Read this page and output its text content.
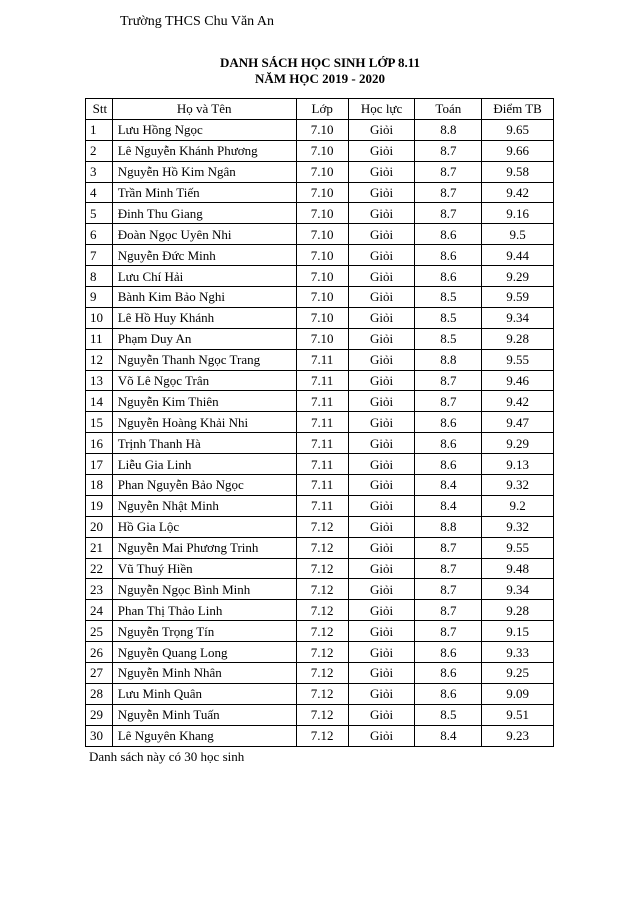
Trường THCS Chu Văn An
DANH SÁCH HỌC SINH LỚP 8.11
NĂM HỌC 2019 - 2020
Stt	Họ và Tên	Lớp	Học lực	Toán	Điểm TB
1	Lưu Hồng Ngọc	7.10	Giỏi	8.8	9.65
2	Lê Nguyễn Khánh Phương	7.10	Giỏi	8.7	9.66
3	Nguyễn Hồ Kim Ngân	7.10	Giỏi	8.7	9.58
4	Trần Minh Tiến	7.10	Giỏi	8.7	9.42
5	Đinh Thu Giang	7.10	Giỏi	8.7	9.16
6	Đoàn Ngọc Uyên Nhi	7.10	Giỏi	8.6	9.5
7	Nguyễn Đức Minh	7.10	Giỏi	8.6	9.44
8	Lưu Chí Hải	7.10	Giỏi	8.6	9.29
9	Bành Kim Bảo Nghi	7.10	Giỏi	8.5	9.59
10	Lê Hồ Huy Khánh	7.10	Giỏi	8.5	9.34
11	Phạm Duy An	7.10	Giỏi	8.5	9.28
12	Nguyễn Thanh Ngọc Trang	7.11	Giỏi	8.8	9.55
13	Võ Lê Ngọc Trân	7.11	Giỏi	8.7	9.46
14	Nguyễn Kim Thiên	7.11	Giỏi	8.7	9.42
15	Nguyễn Hoàng Khải Nhi	7.11	Giỏi	8.6	9.47
16	Trịnh Thanh Hà	7.11	Giỏi	8.6	9.29
17	Liễu Gia Linh	7.11	Giỏi	8.6	9.13
18	Phan Nguyễn Bảo Ngọc	7.11	Giỏi	8.4	9.32
19	Nguyễn Nhật Minh	7.11	Giỏi	8.4	9.2
20	Hồ Gia Lộc	7.12	Giỏi	8.8	9.32
21	Nguyễn Mai Phương Trinh	7.12	Giỏi	8.7	9.55
22	Vũ Thuý Hiền	7.12	Giỏi	8.7	9.48
23	Nguyễn Ngọc Bình Minh	7.12	Giỏi	8.7	9.34
24	Phan Thị Thảo Linh	7.12	Giỏi	8.7	9.28
25	Nguyễn Trọng Tín	7.12	Giỏi	8.7	9.15
26	Nguyễn Quang Long	7.12	Giỏi	8.6	9.33
27	Nguyễn Minh Nhân	7.12	Giỏi	8.6	9.25
28	Lưu Minh Quân	7.12	Giỏi	8.6	9.09
29	Nguyễn Minh Tuấn	7.12	Giỏi	8.5	9.51
30	Lê Nguyên Khang	7.12	Giỏi	8.4	9.23
Danh sách này có 30 học sinh
